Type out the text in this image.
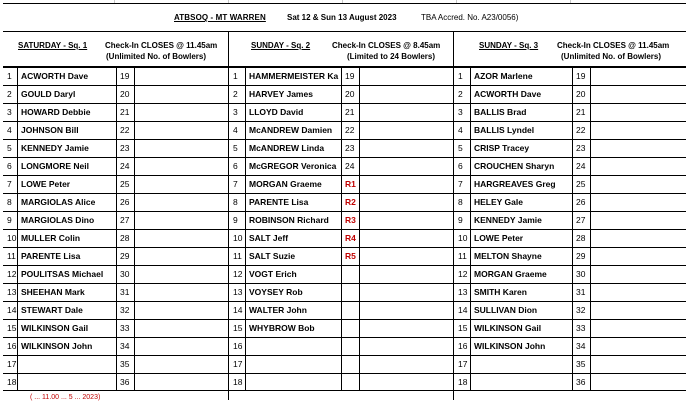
ATBSOQ - MT WARREN	Sat 12 & Sun 13 August 2023	TBA Accred. No. A23/0056)
SATURDAY - Sq. 1 Check-In CLOSES @ 11.45am
(Unlimited No. of Bowlers)
SUNDAY - Sq. 2	Check-In CLOSES @ 8.45am
(Limited to 24 Bowlers)
SUNDAY - Sq. 3 Check-In CLOSES @ 11.45am
(Unlimited No. of Bowlers)
1	ACWORTH Dave	19
2	GOULD Daryl	20
3	HOWARD Debbie	21
4	JOHNSON Bill	22
5	KENNEDY Jamie	23
6	LONGMORE Neil	24
7	LOWE Peter	25
8	MARGIOLAS Alice	26
9	MARGIOLAS Dino	27
10 MULLER Colin	28
11 PARENTE Lisa	29
12 POULITSAS Michael	30
13 SHEEHAN Mark	31
14 STEWART Dale	32
15 WILKINSON Gail	33
16 WILKINSON John	34
17	35
18	36
1	HAMMERMEISTER Ka 19
2	HARVEY James	20
3	LLOYD David	21
4	McANDREW Damien	22
5	McANDREW Linda	23
6	McGREGOR Veronica	24
7	MORGAN Graeme	R1
8	PARENTE Lisa	R2
9	ROBINSON Richard	R3
10 SALT Jeff	R4
11 SALT Suzie	R5
12 VOGT Erich
13 VOYSEY Rob
14 WALTER John
15 WHYBROW Bob
16
17
18
1	AZOR Marlene	19
2	ACWORTH Dave	20
3	BALLIS Brad	21
4	BALLIS Lyndel	22
5	CRISP Tracey	23
6	CROUCHEN Sharyn	24
7	HARGREAVES Greg	25
8	HELEY Gale	26
9	KENNEDY Jamie	27
10 LOWE Peter	28
11 MELTON Shayne	29
12 MORGAN Graeme	30
13 SMITH Karen	31
14 SULLIVAN Dion	32
15 WILKINSON Gail	33
16 WILKINSON John	34
17	35
18	36
( ... 11.00 ... 5 ... 2023)
